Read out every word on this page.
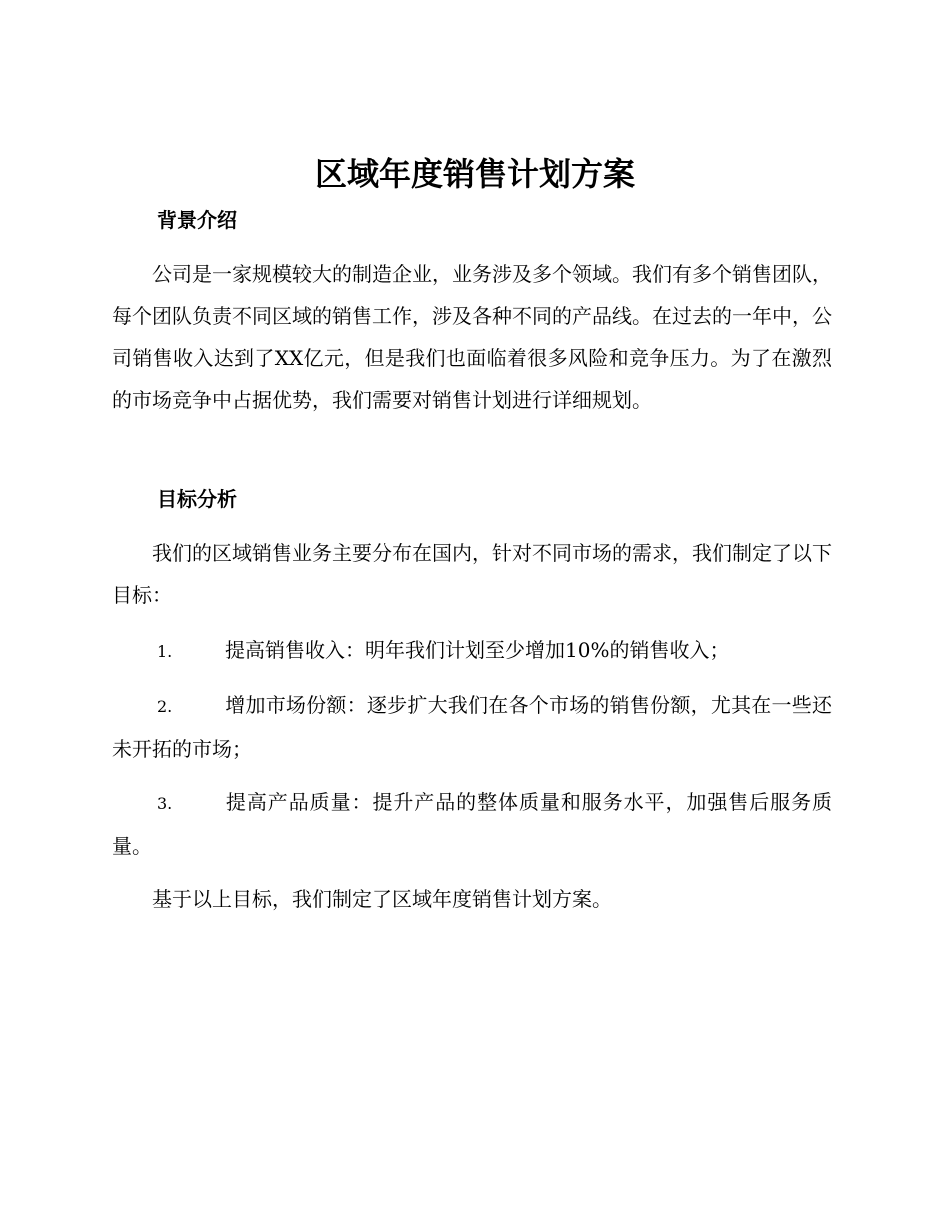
区域年度销售计划方案
背景介绍

公司是一家规模较大的制造企业，业务涉及多个领域。我们有多个销售团队，每个团队负责不同区域的销售工作，涉及各种不同的产品线。在过去的一年中，公司销售收入达到了XX亿元，但是我们也面临着很多风险和竞争压力。为了在激烈的市场竞争中占据优势，我们需要对销售计划进行详细规划。

目标分析

我们的区域销售业务主要分布在国内，针对不同市场的需求，我们制定了以下目标：

1.	提高销售收入：明年我们计划至少增加10%的销售收入；

2.	增加市场份额：逐步扩大我们在各个市场的销售份额，尤其在一些还未开拓的市场；

3.	提高产品质量：提升产品的整体质量和服务水平，加强售后服务质量。

基于以上目标，我们制定了区域年度销售计划方案。
